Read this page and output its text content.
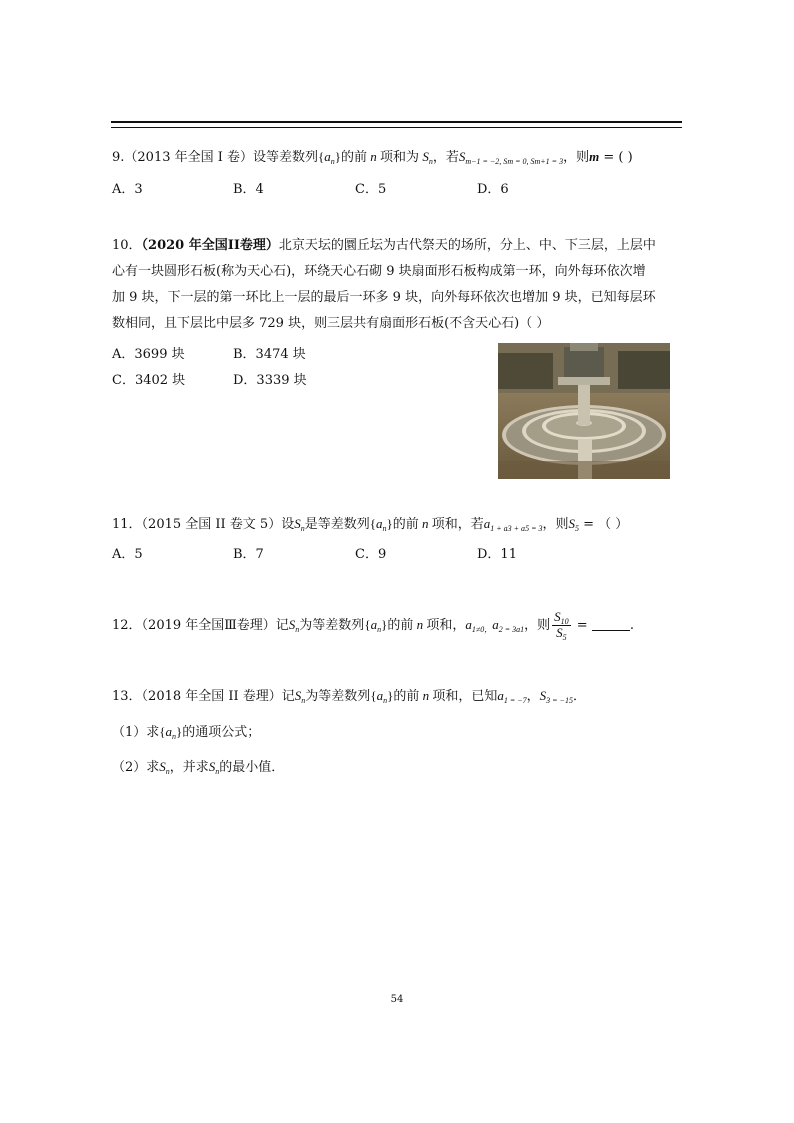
9.（2013 年全国 I 卷）设等差数列$\{a_n\}$的前 n 项和为 $S_n$，若$S_{m-1 = -2, Sm = 0, Sm+1 = 3}$，则m = ( )
A．3	B．4	C．5	D．6
10．（2020 年全国II卷理）北京天坛的圜丘坛为古代祭天的场所，分上、中、下三层，上层中
心有一块圆形石板(称为天心石)，环绕天心石砌 9 块扇面形石板构成第一环，向外每环依次增
加 9 块，下一层的第一环比上一层的最后一环多 9 块，向外每环依次也增加 9 块，已知每层环
数相同，且下层比中层多 729 块，则三层共有扇面形石板(不含天心石)（ ）
A．3699 块	B．3474 块
C．3402 块	D．3339 块
11．（2015 全国 II 卷文 5）设$S_n$是等差数列$\{a_n\}$的前 n 项和，若$a_{1 + a3 + a5 = 3}$，则$S_5$ = （ ）
A．5	B．7	C．9	D．11
12．（2019 年全国Ⅲ卷理）记$S_n$为等差数列$\{a_n\}$的前 n 项和，$a_{1\ne 0,}a_{2 = 3a1}$，则 $\frac{S_{10}}{S_5}$ =	.
13．（2018 年全国 II 卷理）记$S_n$为等差数列$\{a_n\}$的前 n 项和，已知$a_{1 = -7}$，$S_{3 = -15}$．
（1）求$\{a_n\}$的通项公式；
（2）求$S_n$，并求$S_n$的最小值．
54
